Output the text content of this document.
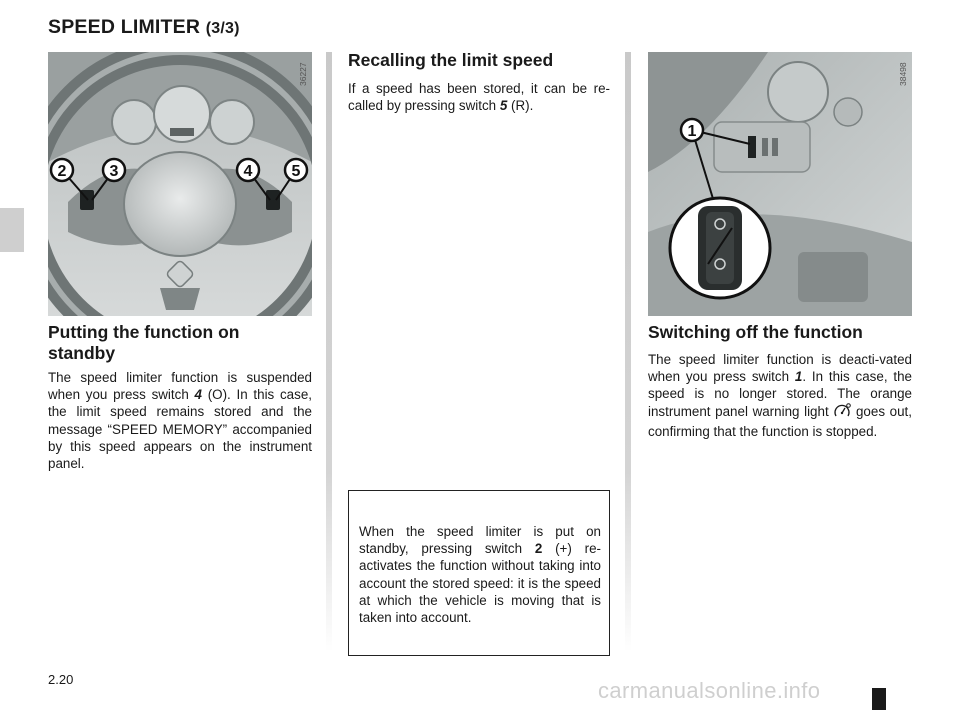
SPEED LIMITER (3/3)
2	3	4 5
36227
1
38498
Putting the function on standby

The speed limiter function is suspended when you press switch 4 (O). In this case, the limit speed remains stored and the message “SPEED MEMORY” accompanied by this speed appears on the instrument panel.

Recalling the limit speed

If a speed has been stored, it can be re-called by pressing switch 5 (R).

When the speed limiter is put on standby, pressing switch 2 (+) re-activates the function without taking into account the stored speed: it is the speed at which the vehicle is moving that is taken into account.

Switching off the function

The speed limiter function is deacti-vated when you press switch 1. In this case, the speed is no longer stored. The orange instrument panel warning light  goes out, confirming that the function is stopped.

2.20	carmanualsonline.info
